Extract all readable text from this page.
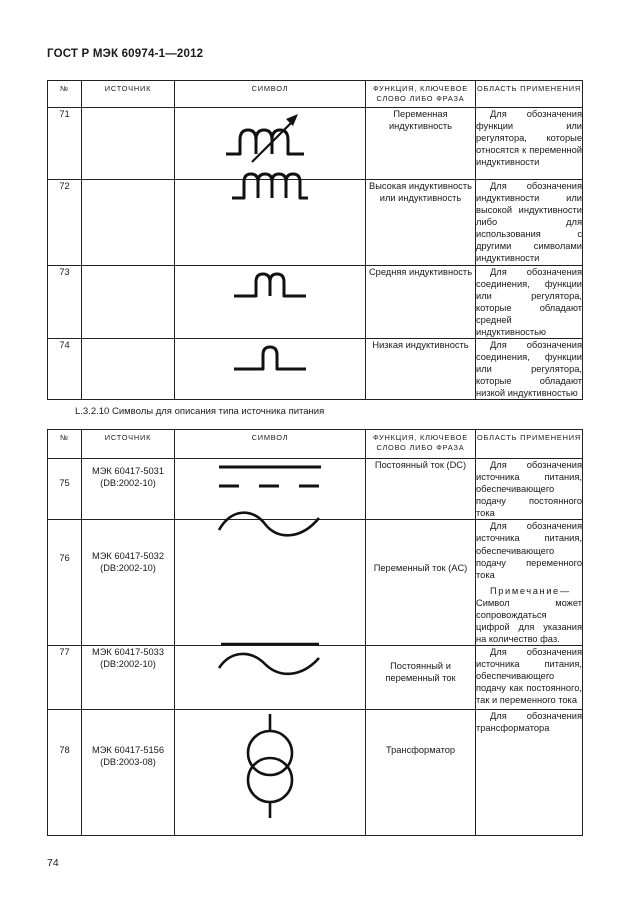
ГОСТ Р МЭК 60974-1—2012
№	ИСТОЧНИК	СИМВОЛ	ФУНКЦИЯ, КЛЮЧЕВОЕ СЛОВО ЛИБО ФРАЗА	ОБЛАСТЬ ПРИМЕНЕНИЯ
71			Переменная индуктивность	Для обозначения функции или регулятора, которые относятся к переменной индуктивности

72			Высокая индуктивность или индуктивность	Для обозначения индуктивности или высокой индуктивности либо для использования с другими символами индуктивности

73			Средняя индуктивность	Для обозначения соединения, функции или регулятора, которые обладают средней индуктивностью

74			Низкая индуктивность	Для обозначения соединения, функции или регулятора, которые обладают низкой индуктивностью

L.3.2.10 Символы для описания типа источника питания
№	ИСТОЧНИК	СИМВОЛ	ФУНКЦИЯ, КЛЮЧЕВОЕ СЛОВО ЛИБО ФРАЗА	ОБЛАСТЬ ПРИМЕНЕНИЯ
75	МЭК 60417-5031 (DB:2002-10)		Постоянный ток (DC)	Для обозначения источника питания, обеспечивающего подачу постоянного тока

76	МЭК 60417-5032 (DB:2002-10)		Переменный ток (AC)	Для обозначения источника питания, обеспечивающего подачу переменного тока

Примечание— Символ может сопровождаться цифрой для указания на количество фаз.

77	МЭК 60417-5033 (DB:2002-10)		Постоянный и переменный ток	Для обозначения источника питания, обеспечивающего подачу как постоянного, так и переменного тока

78	МЭК 60417-5156 (DB:2003-08)		Трансформатор	Для обозначения трансформатора

74
